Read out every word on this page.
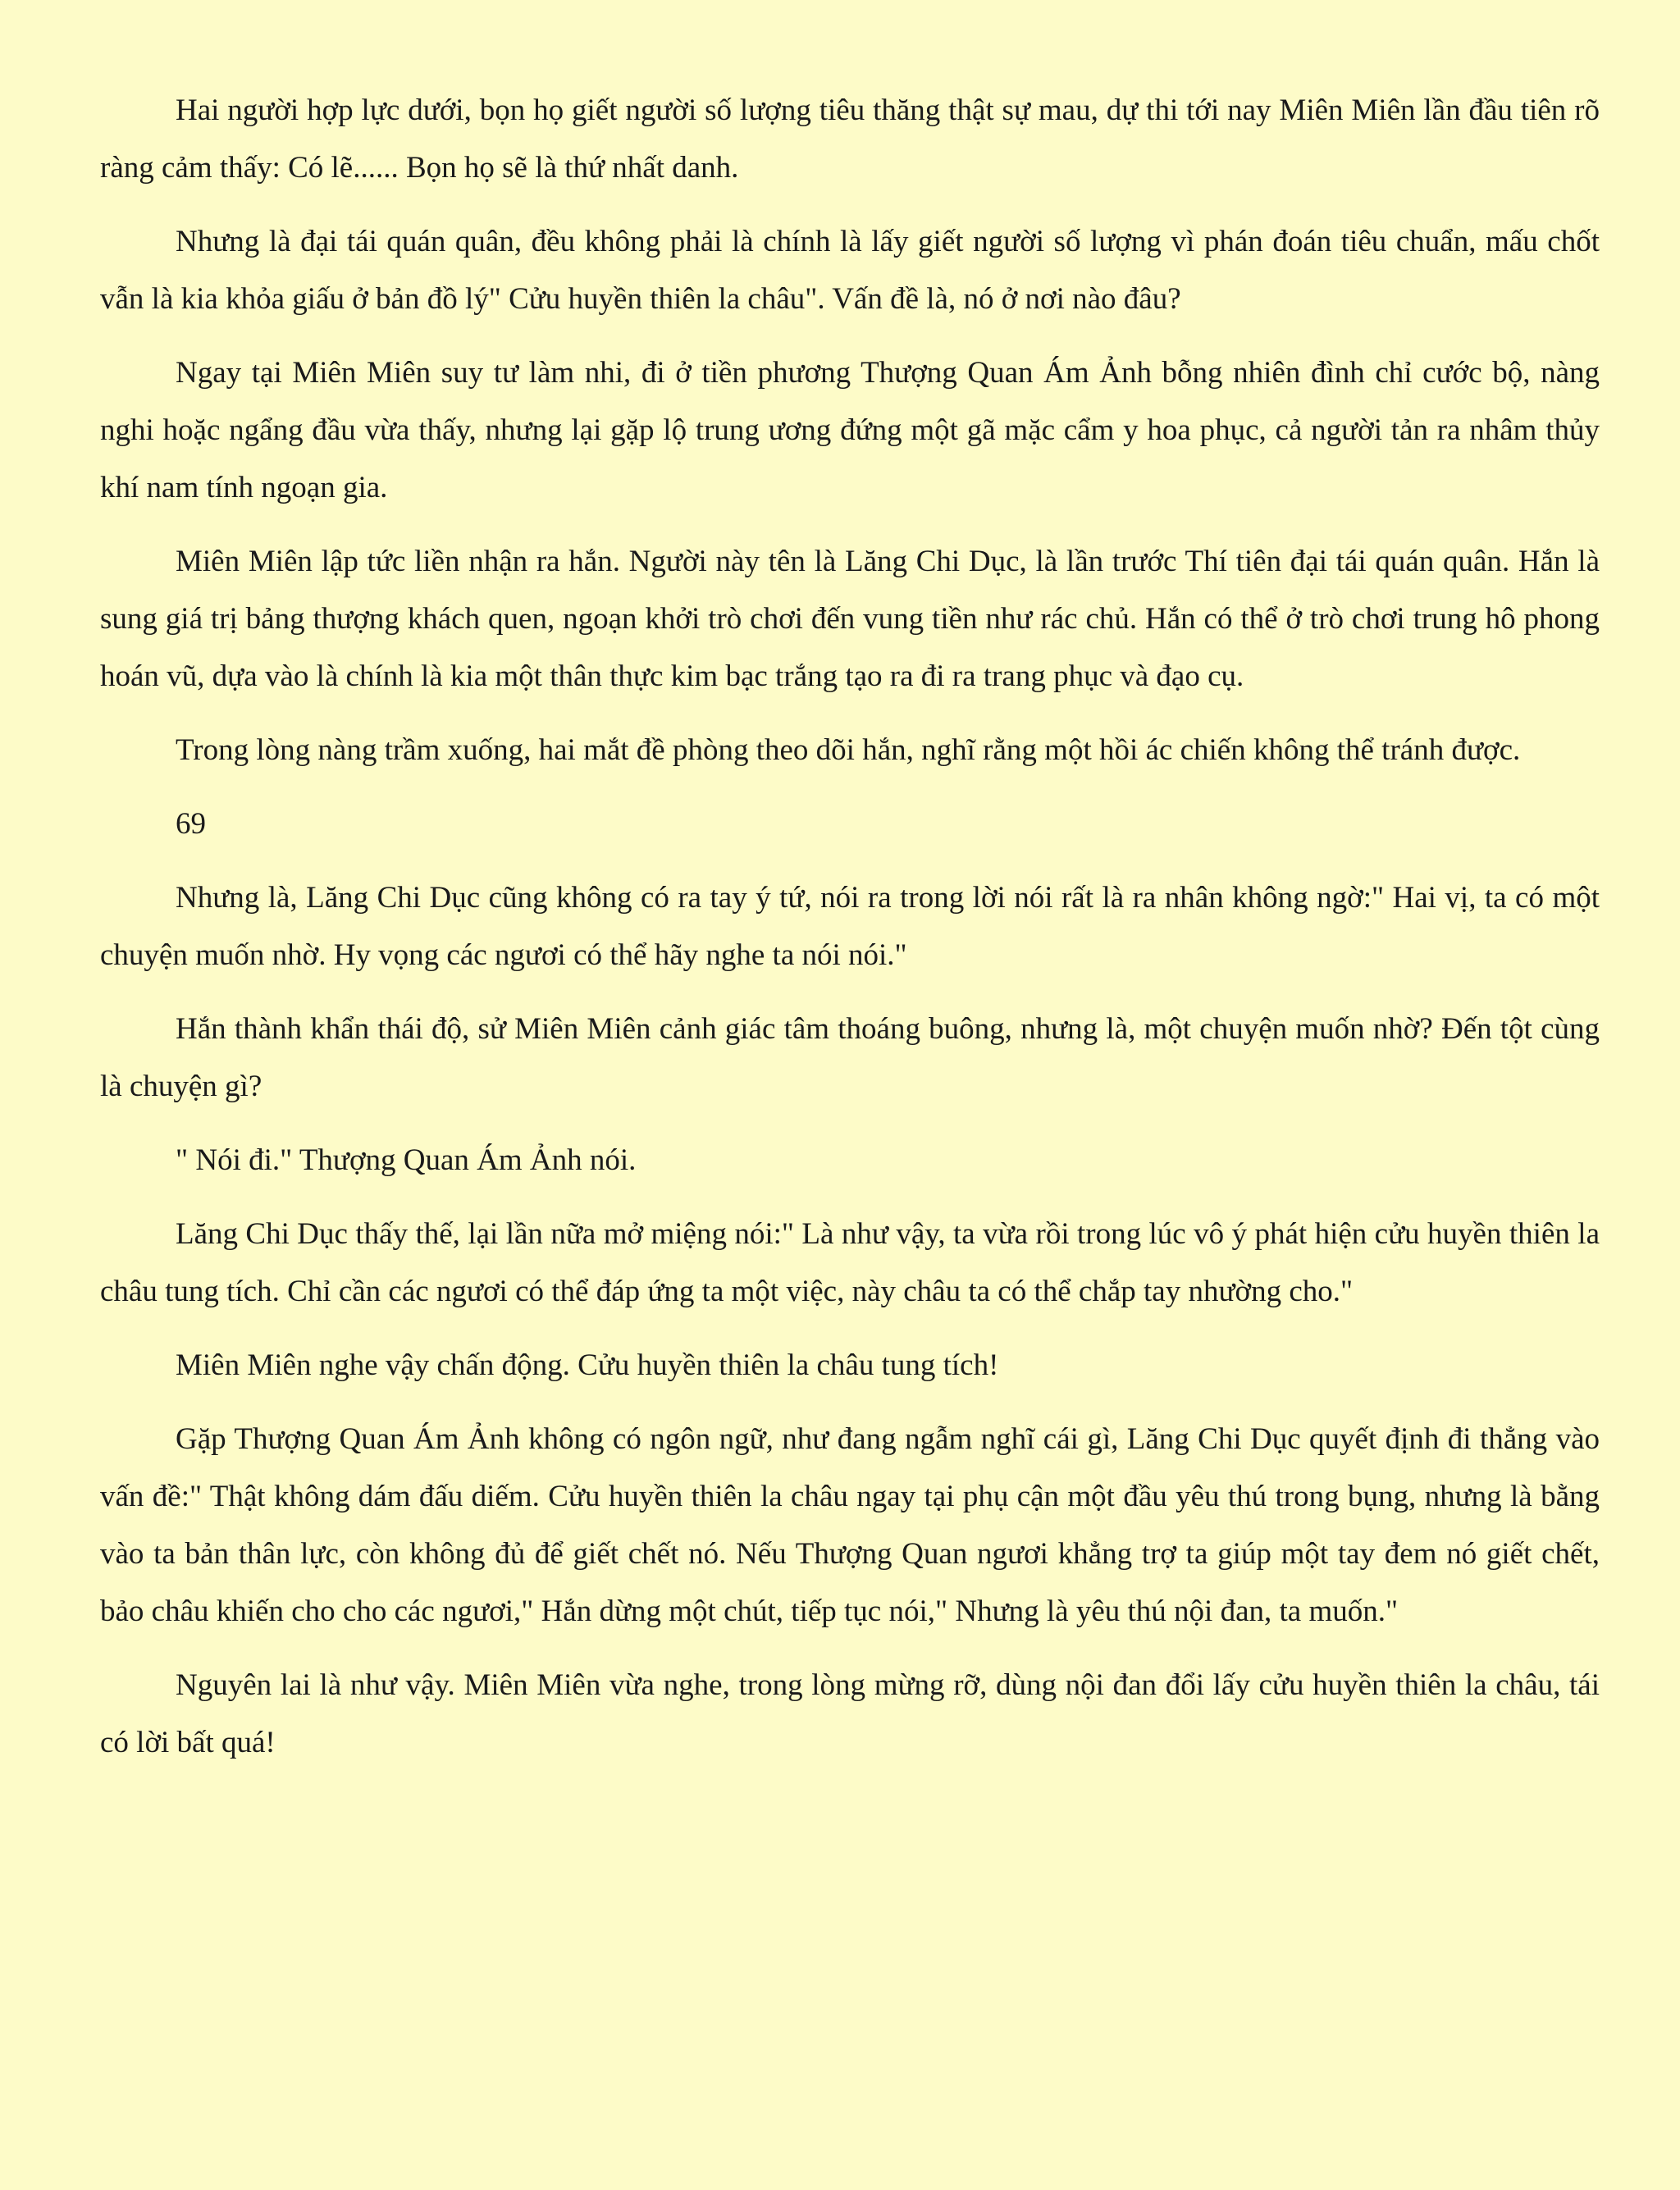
Hai người hợp lực dưới, bọn họ giết người số lượng tiêu thăng thật sự mau, dự thi tới nay Miên Miên lần đầu tiên rõ ràng cảm thấy: Có lẽ...... Bọn họ sẽ là thứ nhất danh.

Nhưng là đại tái quán quân, đều không phải là chính là lấy giết người số lượng vì phán đoán tiêu chuẩn, mấu chốt vẫn là kia khỏa giấu ở bản đồ lý" Cửu huyền thiên la châu". Vấn đề là, nó ở nơi nào đâu?

Ngay tại Miên Miên suy tư làm nhi, đi ở tiền phương Thượng Quan Ám Ảnh bỗng nhiên đình chỉ cước bộ, nàng nghi hoặc ngẩng đầu vừa thấy, nhưng lại gặp lộ trung ương đứng một gã mặc cẩm y hoa phục, cả người tản ra nhâm thủy khí nam tính ngoạn gia.

Miên Miên lập tức liền nhận ra hắn. Người này tên là Lăng Chi Dục, là lần trước Thí tiên đại tái quán quân. Hắn là sung giá trị bảng thượng khách quen, ngoạn khởi trò chơi đến vung tiền như rác chủ. Hắn có thể ở trò chơi trung hô phong hoán vũ, dựa vào là chính là kia một thân thực kim bạc trắng tạo ra đi ra trang phục và đạo cụ.

Trong lòng nàng trầm xuống, hai mắt đề phòng theo dõi hắn, nghĩ rằng một hồi ác chiến không thể tránh được.

69

Nhưng là, Lăng Chi Dục cũng không có ra tay ý tứ, nói ra trong lời nói rất là ra nhân không ngờ:" Hai vị, ta có một chuyện muốn nhờ. Hy vọng các ngươi có thể hãy nghe ta nói nói."

Hắn thành khẩn thái độ, sử Miên Miên cảnh giác tâm thoáng buông, nhưng là, một chuyện muốn nhờ? Đến tột cùng là chuyện gì?

" Nói đi." Thượng Quan Ám Ảnh nói.

Lăng Chi Dục thấy thế, lại lần nữa mở miệng nói:" Là như vậy, ta vừa rồi trong lúc vô ý phát hiện cửu huyền thiên la châu tung tích. Chỉ cần các ngươi có thể đáp ứng ta một việc, này châu ta có thể chắp tay nhường cho."

Miên Miên nghe vậy chấn động. Cửu huyền thiên la châu tung tích!

Gặp Thượng Quan Ám Ảnh không có ngôn ngữ, như đang ngẫm nghĩ cái gì, Lăng Chi Dục quyết định đi thẳng vào vấn đề:" Thật không dám đấu diếm. Cửu huyền thiên la châu ngay tại phụ cận một đầu yêu thú trong bụng, nhưng là bằng vào ta bản thân lực, còn không đủ để giết chết nó. Nếu Thượng Quan ngươi khẳng trợ ta giúp một tay đem nó giết chết, bảo châu khiến cho cho các ngươi," Hắn dừng một chút, tiếp tục nói," Nhưng là yêu thú nội đan, ta muốn."

Nguyên lai là như vậy. Miên Miên vừa nghe, trong lòng mừng rỡ, dùng nội đan đổi lấy cửu huyền thiên la châu, tái có lời bất quá!
